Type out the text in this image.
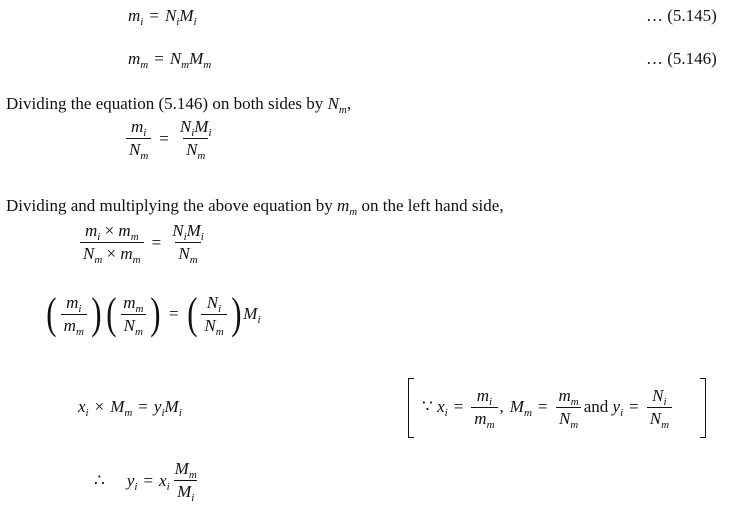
$m_i = N_iM_i$	… (5.145)
$m_m = N_mM_m$	… (5.146)
Dividing the equation (5.146) on both sides by $N_m$,
$\frac{m_i}{N_m} = \frac{N_iM_i}{N_m}$
Dividing and multiplying the above equation by $m_m$ on the left hand side,
$\frac{m_i \times m_m}{N_m \times m_m} = \frac{N_iM_i}{N_m}$
( $\frac{m_i}{m_m}$ ) ( $\frac{m_m}{N_m}$ ) = ( $\frac{N_i}{N_m}$ ) $M_i$
$x_i \times M_m = y_iM_i$	∵
$x_i = \frac{m_i}{m_m}$ , $M_m = \frac{m_m}{N_m}$ and
$y_i = \frac{N_i}{N_m}$
∴ $y_i = x_i \frac{M_m}{M_i}$
